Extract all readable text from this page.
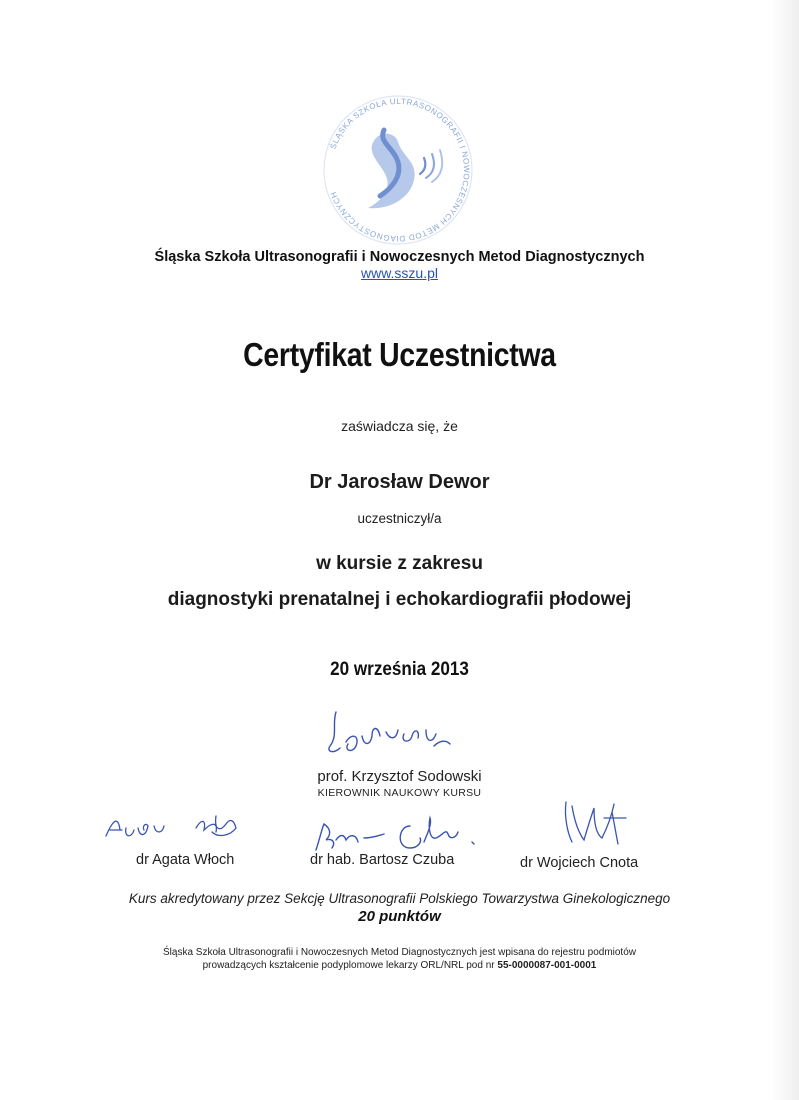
ŚLĄSKA SZKOŁA ULTRASONOGRAFII I NOWOCZESNYCH METOD DIAGNOSTYCZNYCH
Śląska Szkoła Ultrasonografii i Nowoczesnych Metod Diagnostycznych
www.sszu.pl
Certyfikat Uczestnictwa
zaświadcza się, że
Dr Jarosław Dewor
uczestniczył/a
w kursie z zakresu
diagnostyki prenatalnej i echokardiografii płodowej
20 września 2013
prof. Krzysztof Sodowski
KIEROWNIK NAUKOWY KURSU
dr Agata Włoch	dr hab. Bartosz Czuba	dr Wojciech Cnota
Kurs akredytowany przez Sekcję Ultrasonografii Polskiego Towarzystwa Ginekologicznego
20 punktów
Śląska Szkoła Ultrasonografii i Nowoczesnych Metod Diagnostycznych jest wpisana do rejestru podmiotów
prowadzących kształcenie podyplomowe lekarzy ORL/NRL pod nr 55-0000087-001-0001
